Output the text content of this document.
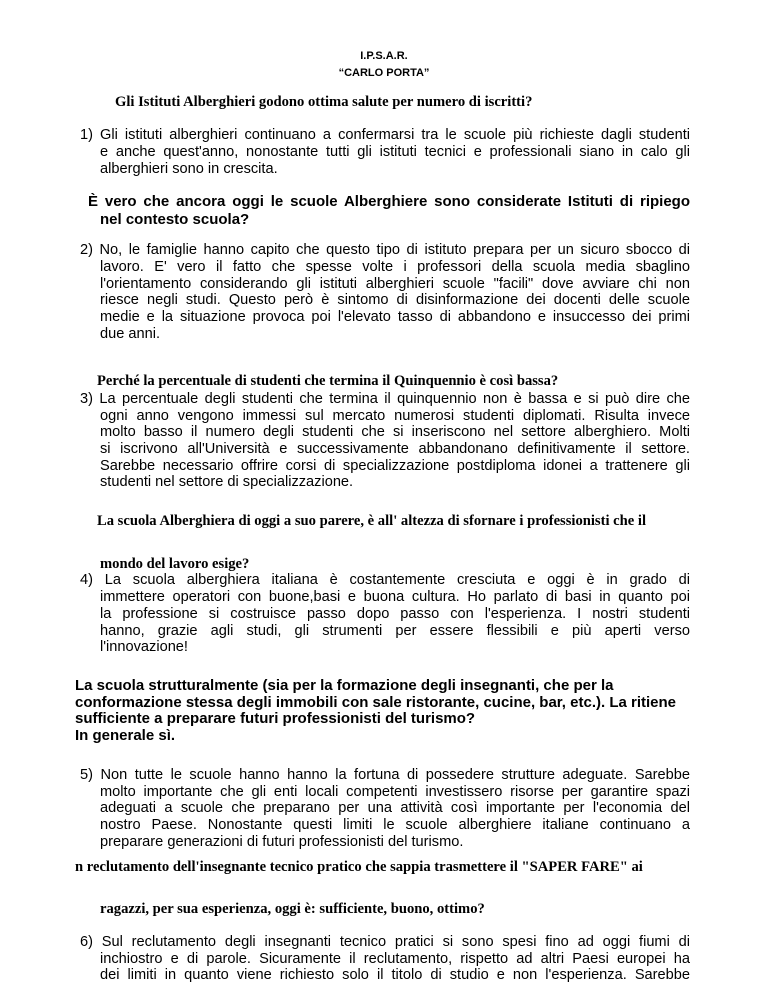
I.P.S.A.R.
“CARLO PORTA”
Gli Istituti Alberghieri godono ottima salute per numero di iscritti?
1) Gli istituti alberghieri continuano a confermarsi tra le scuole più richieste dagli studenti
e anche quest'anno, nonostante tutti gli istituti tecnici e professionali siano in calo gli
alberghieri sono in crescita.
È vero che ancora oggi le scuole Alberghiere sono considerate Istituti di ripiego
nel contesto scuola?
2) No, le famiglie hanno capito che questo tipo di istituto prepara per un sicuro sbocco di
lavoro. E' vero il fatto che spesse volte i professori della scuola media sbaglino
l'orientamento considerando gli istituti alberghieri scuole "facili" dove avviare chi non
riesce negli studi. Questo però è sintomo di disinformazione dei docenti delle scuole
medie e la situazione provoca poi l'elevato tasso di abbandono e insuccesso dei primi
due anni.
Perché la percentuale di studenti che termina il Quinquennio è così bassa?
3) La percentuale degli studenti che termina il quinquennio non è bassa e si può dire che
ogni anno vengono immessi sul mercato numerosi studenti diplomati. Risulta invece
molto basso il numero degli studenti che si inseriscono nel settore alberghiero. Molti
si iscrivono all'Università e successivamente abbandonano definitivamente il settore.
Sarebbe necessario offrire corsi di specializzazione postdiploma idonei a trattenere gli
studenti nel settore di specializzazione.
La scuola Alberghiera di oggi a suo parere, è all' altezza di sfornare i professionisti che il
mondo del lavoro esige?
4) La scuola alberghiera italiana è costantemente cresciuta e oggi è in grado di
immettere operatori con buone,basi e buona cultura. Ho parlato di basi in quanto poi
la professione si costruisce passo dopo passo con l'esperienza. I nostri studenti
hanno, grazie agli studi, gli strumenti per essere flessibili e più aperti verso
l'innovazione!
La scuola strutturalmente (sia per la formazione degli insegnanti, che per la
conformazione stessa degli immobili con sale ristorante, cucine, bar, etc.). La ritiene
sufficiente a preparare futuri professionisti del turismo?
In generale sì.
5) Non tutte le scuole hanno hanno la fortuna di possedere strutture adeguate. Sarebbe
molto importante che gli enti locali competenti investissero risorse per garantire spazi
adeguati a scuole che preparano per una attività così importante per l'economia del
nostro Paese. Nonostante questi limiti le scuole alberghiere italiane continuano a
preparare generazioni di futuri professionisti del turismo.
n reclutamento dell'insegnante tecnico pratico che sappia trasmettere il "SAPER FARE" ai
ragazzi, per sua esperienza, oggi è: sufficiente, buono, ottimo?
6) Sul reclutamento degli insegnanti tecnico pratici si sono spesi fino ad oggi fiumi di
inchiostro e di parole. Sicuramente il reclutamento, rispetto ad altri Paesi europei ha
dei limiti in quanto viene richiesto solo il titolo di studio e non l'esperienza. Sarebbe
